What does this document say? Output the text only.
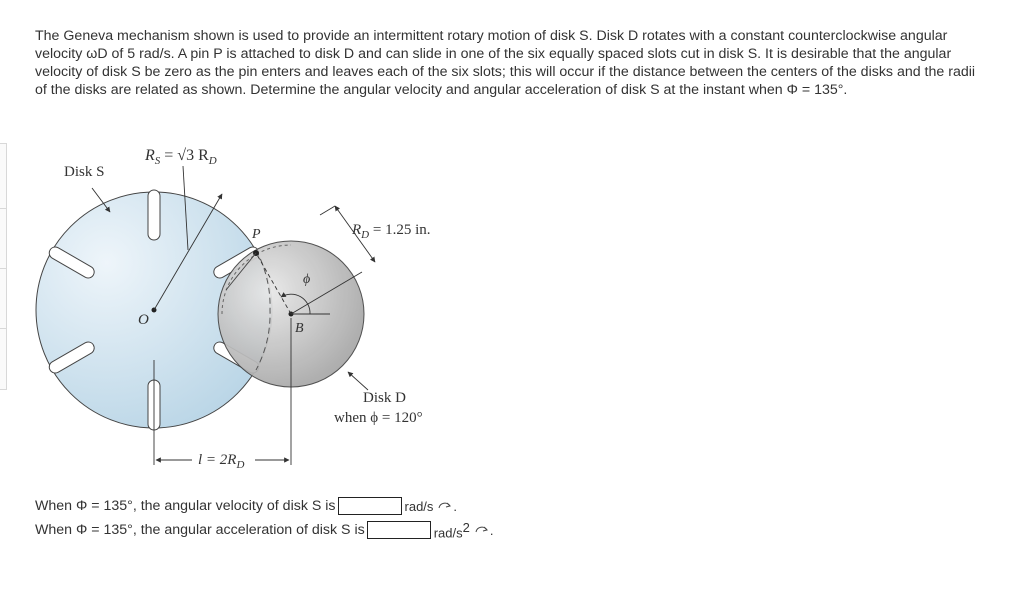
The Geneva mechanism shown is used to provide an intermittent rotary motion of disk S. Disk D rotates with a constant counterclockwise angular velocity ωD of 5 rad/s. A pin P is attached to disk D and can slide in one of the six equally spaced slots cut in disk S. It is desirable that the angular velocity of disk S be zero as the pin enters and leaves each of the six slots; this will occur if the distance between the centers of the disks and the radii of the disks are related as shown. Determine the angular velocity and angular acceleration of disk S at the instant when Φ = 135°.
Disk S
$R_S = √3$ $R_D$
P
O
B
ϕ
$R_D = 1.25$ in.
Disk D
when ϕ = 120°
$l = 2R_D$
When Φ = 135°, the angular velocity of disk S is	rad/s .
When Φ = 135°, the angular acceleration of disk S is	rad/$s^2$ .
